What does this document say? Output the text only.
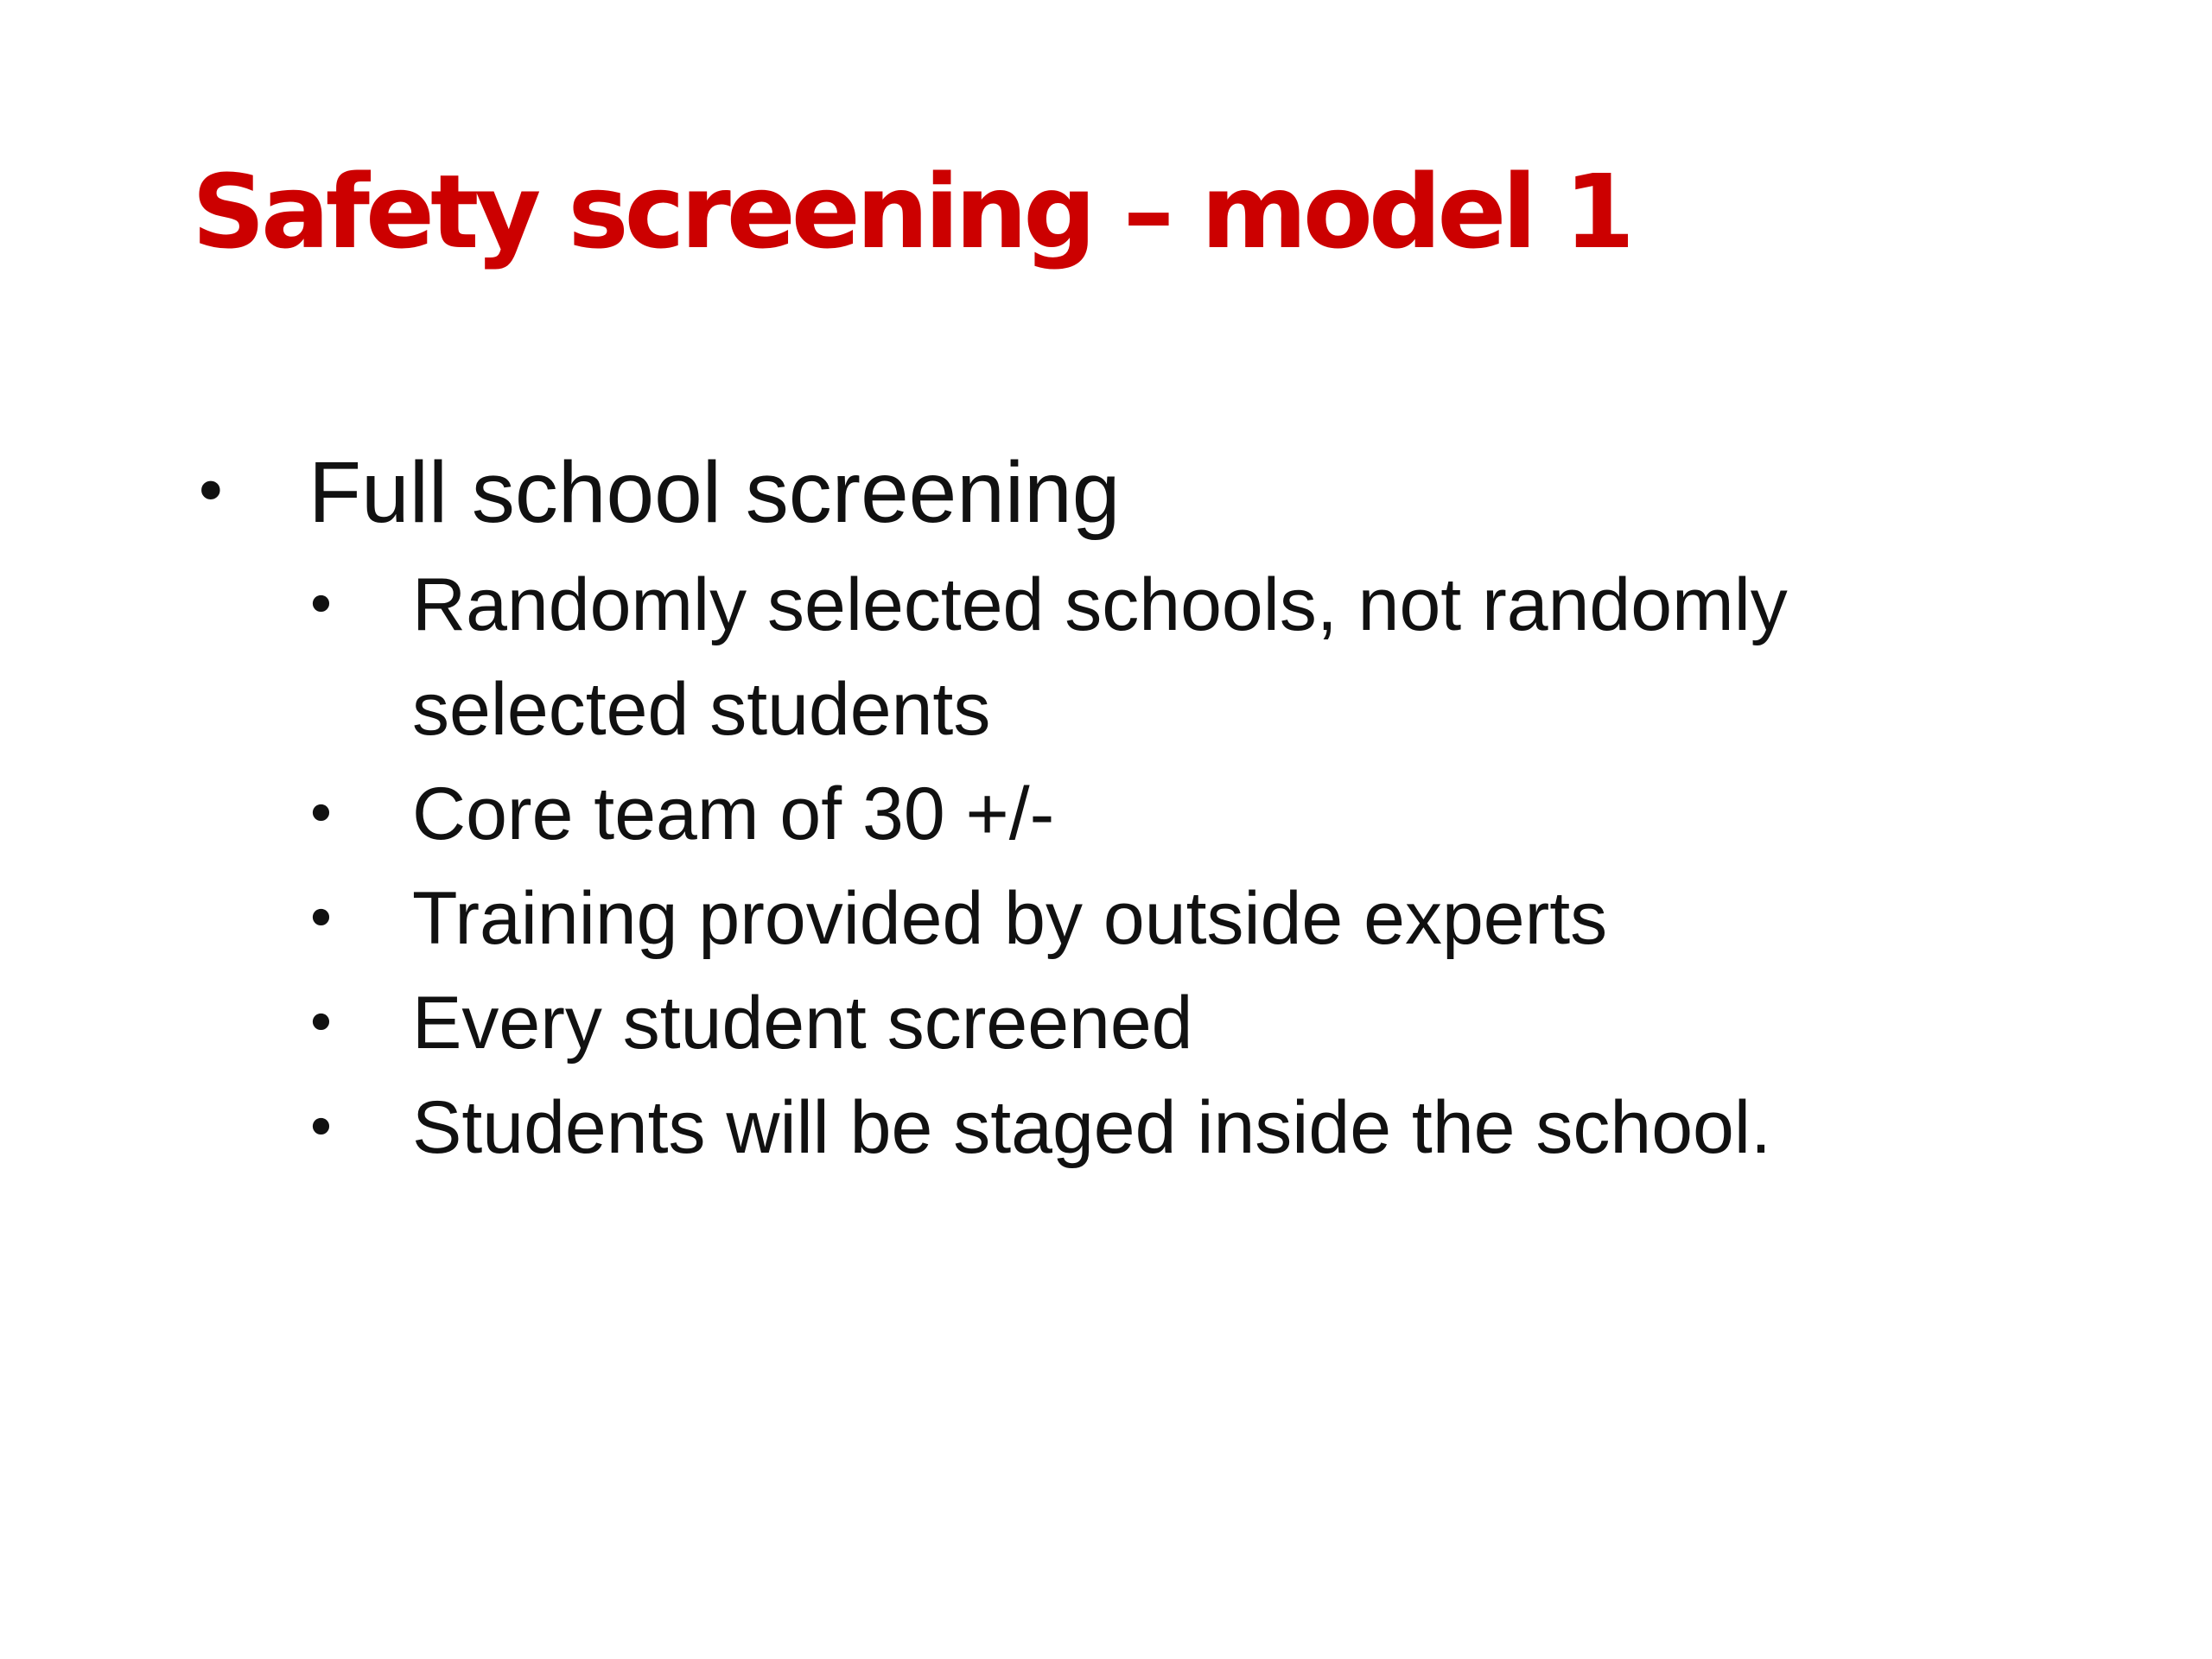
Safety screening – model 1
• Full school screening
• Randomly selected schools, not randomly
selected students
• Core team of 30 +/-
• Training provided by outside experts
• Every student screened
• Students will be staged inside the school.
